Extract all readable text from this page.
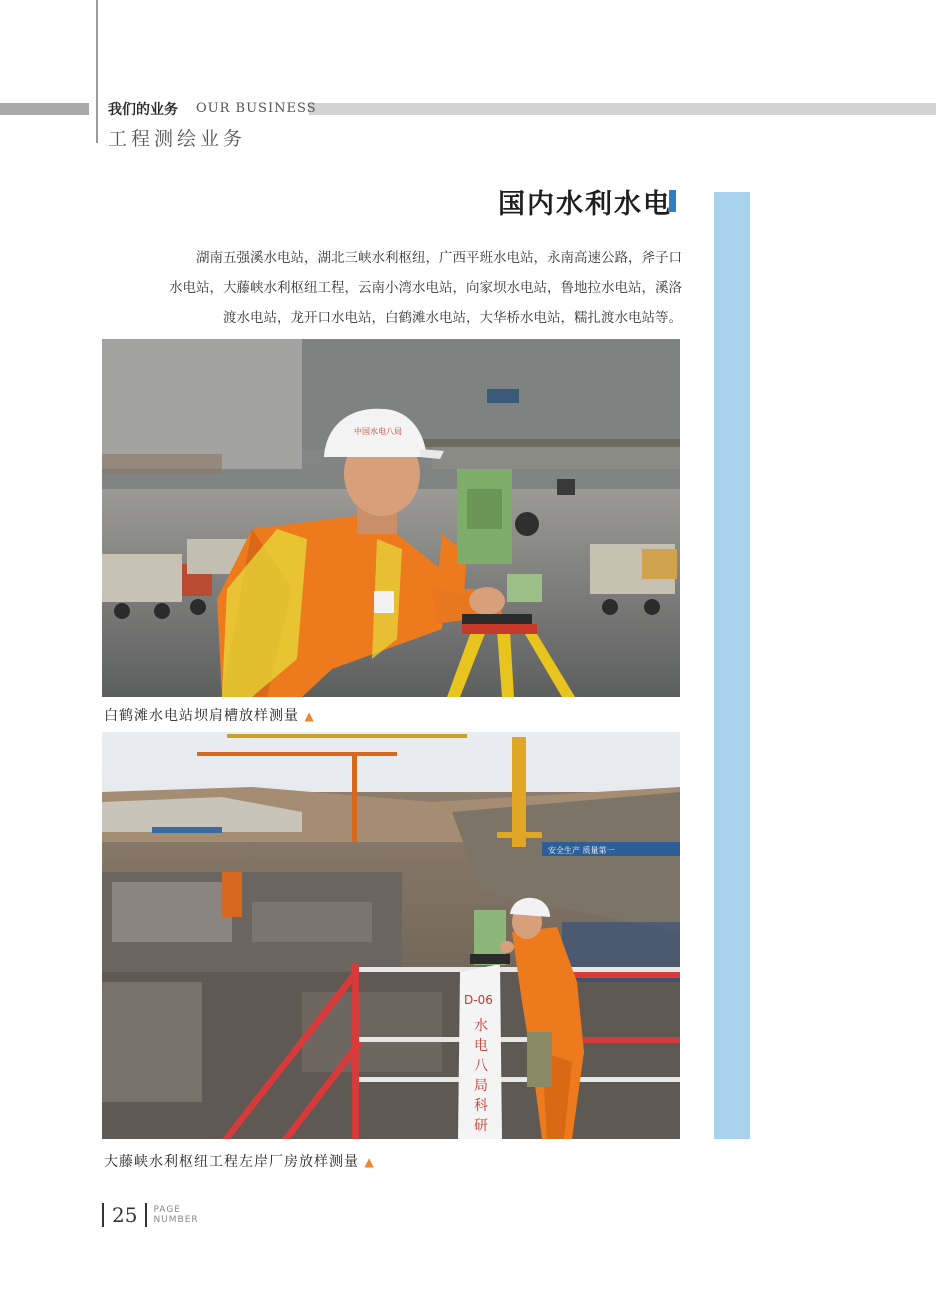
我们的业务 OUR BUSINESS
工程测绘业务
国内水利水电

湖南五强溪水电站，湖北三峡水利枢纽，广西平班水电站，永南高速公路，斧子口

水电站，大藤峡水利枢纽工程，云南小湾水电站，向家坝水电站，鲁地拉水电站，溪洛

渡水电站，龙开口水电站，白鹤滩水电站，大华桥水电站，糯扎渡水电站等。

中国水电八局
白鹤滩水电站坝肩槽放样测量 ▲
安全生产 质量第一
D-06
水
电
八
局
科
研
大藤峡水利枢纽工程左岸厂房放样测量 ▲
25	PAGE
NUMBER
